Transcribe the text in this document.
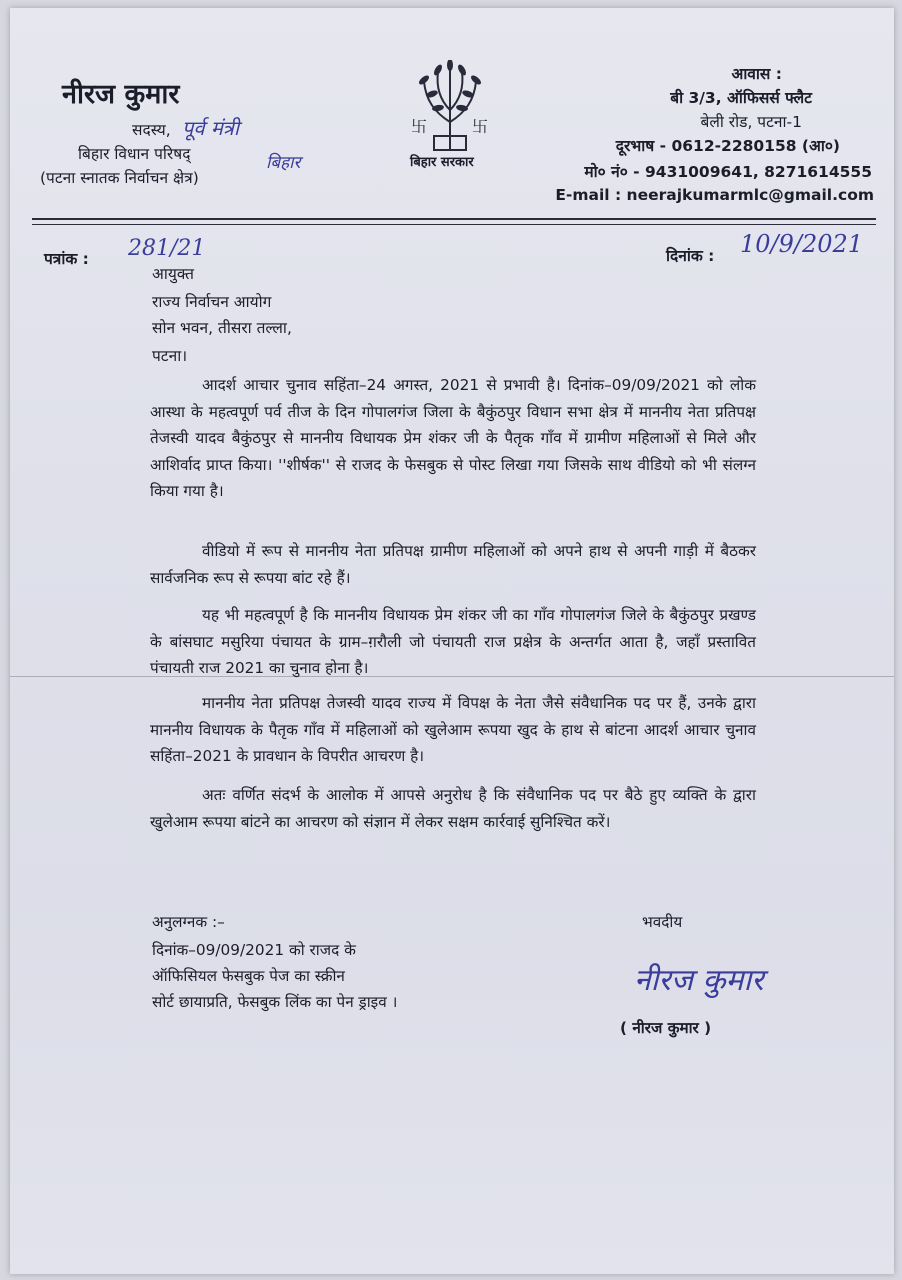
नीरज कुमार
सदस्य, पूर्व मंत्री
बिहार विधान परिषद्	बिहार
(पटना स्नातक निर्वाचन क्षेत्र)
卐	卐
बिहार सरकार
आवास :
बी 3/3, ऑफिसर्स फ्लैट
बेली रोड, पटना-1
दूरभाष - 0612-2280158 (आ०)
मो० नं० - 9431009641, 8271614555
E-mail : neerajkumarmlc@gmail.com
पत्रांक : 281/21	दिनांक : 10/9/2021
आयुक्त
राज्य निर्वाचन आयोग
सोन भवन, तीसरा तल्ला,
पटना।

आदर्श आचार चुनाव सहिंता–24 अगस्त, 2021 से प्रभावी है। दिनांक–09/09/2021 को लोक आस्था के महत्वपूर्ण पर्व तीज के दिन गोपालगंज जिला के बैकुंठपुर विधान सभा क्षेत्र में माननीय नेता प्रतिपक्ष तेजस्वी यादव बैकुंठपुर से माननीय विधायक प्रेम शंकर जी के पैतृक गाँव में ग्रामीण महिलाओं से मिले और आशिर्वाद प्राप्त किया। ''शीर्षक'' से राजद के फेसबुक से पोस्ट लिखा गया जिसके साथ वीडियो को भी संलग्न किया गया है।

वीडियो में रूप से माननीय नेता प्रतिपक्ष ग्रामीण महिलाओं को अपने हाथ से अपनी गाड़ी में बैठकर सार्वजनिक रूप से रूपया बांट रहे हैं।

यह भी महत्वपूर्ण है कि माननीय विधायक प्रेम शंकर जी का गाँव गोपालगंज जिले के बैकुंठपुर प्रखण्ड के बांसघाट मसुरिया पंचायत के ग्राम–ग़रौली जो पंचायती राज प्रक्षेत्र के अन्तर्गत आता है, जहाँ प्रस्तावित पंचायती राज 2021 का चुनाव होना है।

माननीय नेता प्रतिपक्ष तेजस्वी यादव राज्य में विपक्ष के नेता जैसे संवैधानिक पद पर हैं, उनके द्वारा माननीय विधायक के पैतृक गाँव में महिलाओं को खुलेआम रूपया खुद के हाथ से बांटना आदर्श आचार चुनाव सहिंता–2021 के प्रावधान के विपरीत आचरण है।

अतः वर्णित संदर्भ के आलोक में आपसे अनुरोध है कि संवैधानिक पद पर बैठे हुए व्यक्ति के द्वारा खुलेआम रूपया बांटने का आचरण को संज्ञान में लेकर सक्षम कार्रवाई सुनिश्चित करें।

अनुलग्नक :–
दिनांक–09/09/2021 को राजद के
ऑफिसियल फेसबुक पेज का स्क्रीन
सोर्ट छायाप्रति, फेसबुक लिंक का पेन ड्राइव ।
भवदीय
नीरज कुमार
( नीरज कुमार )
